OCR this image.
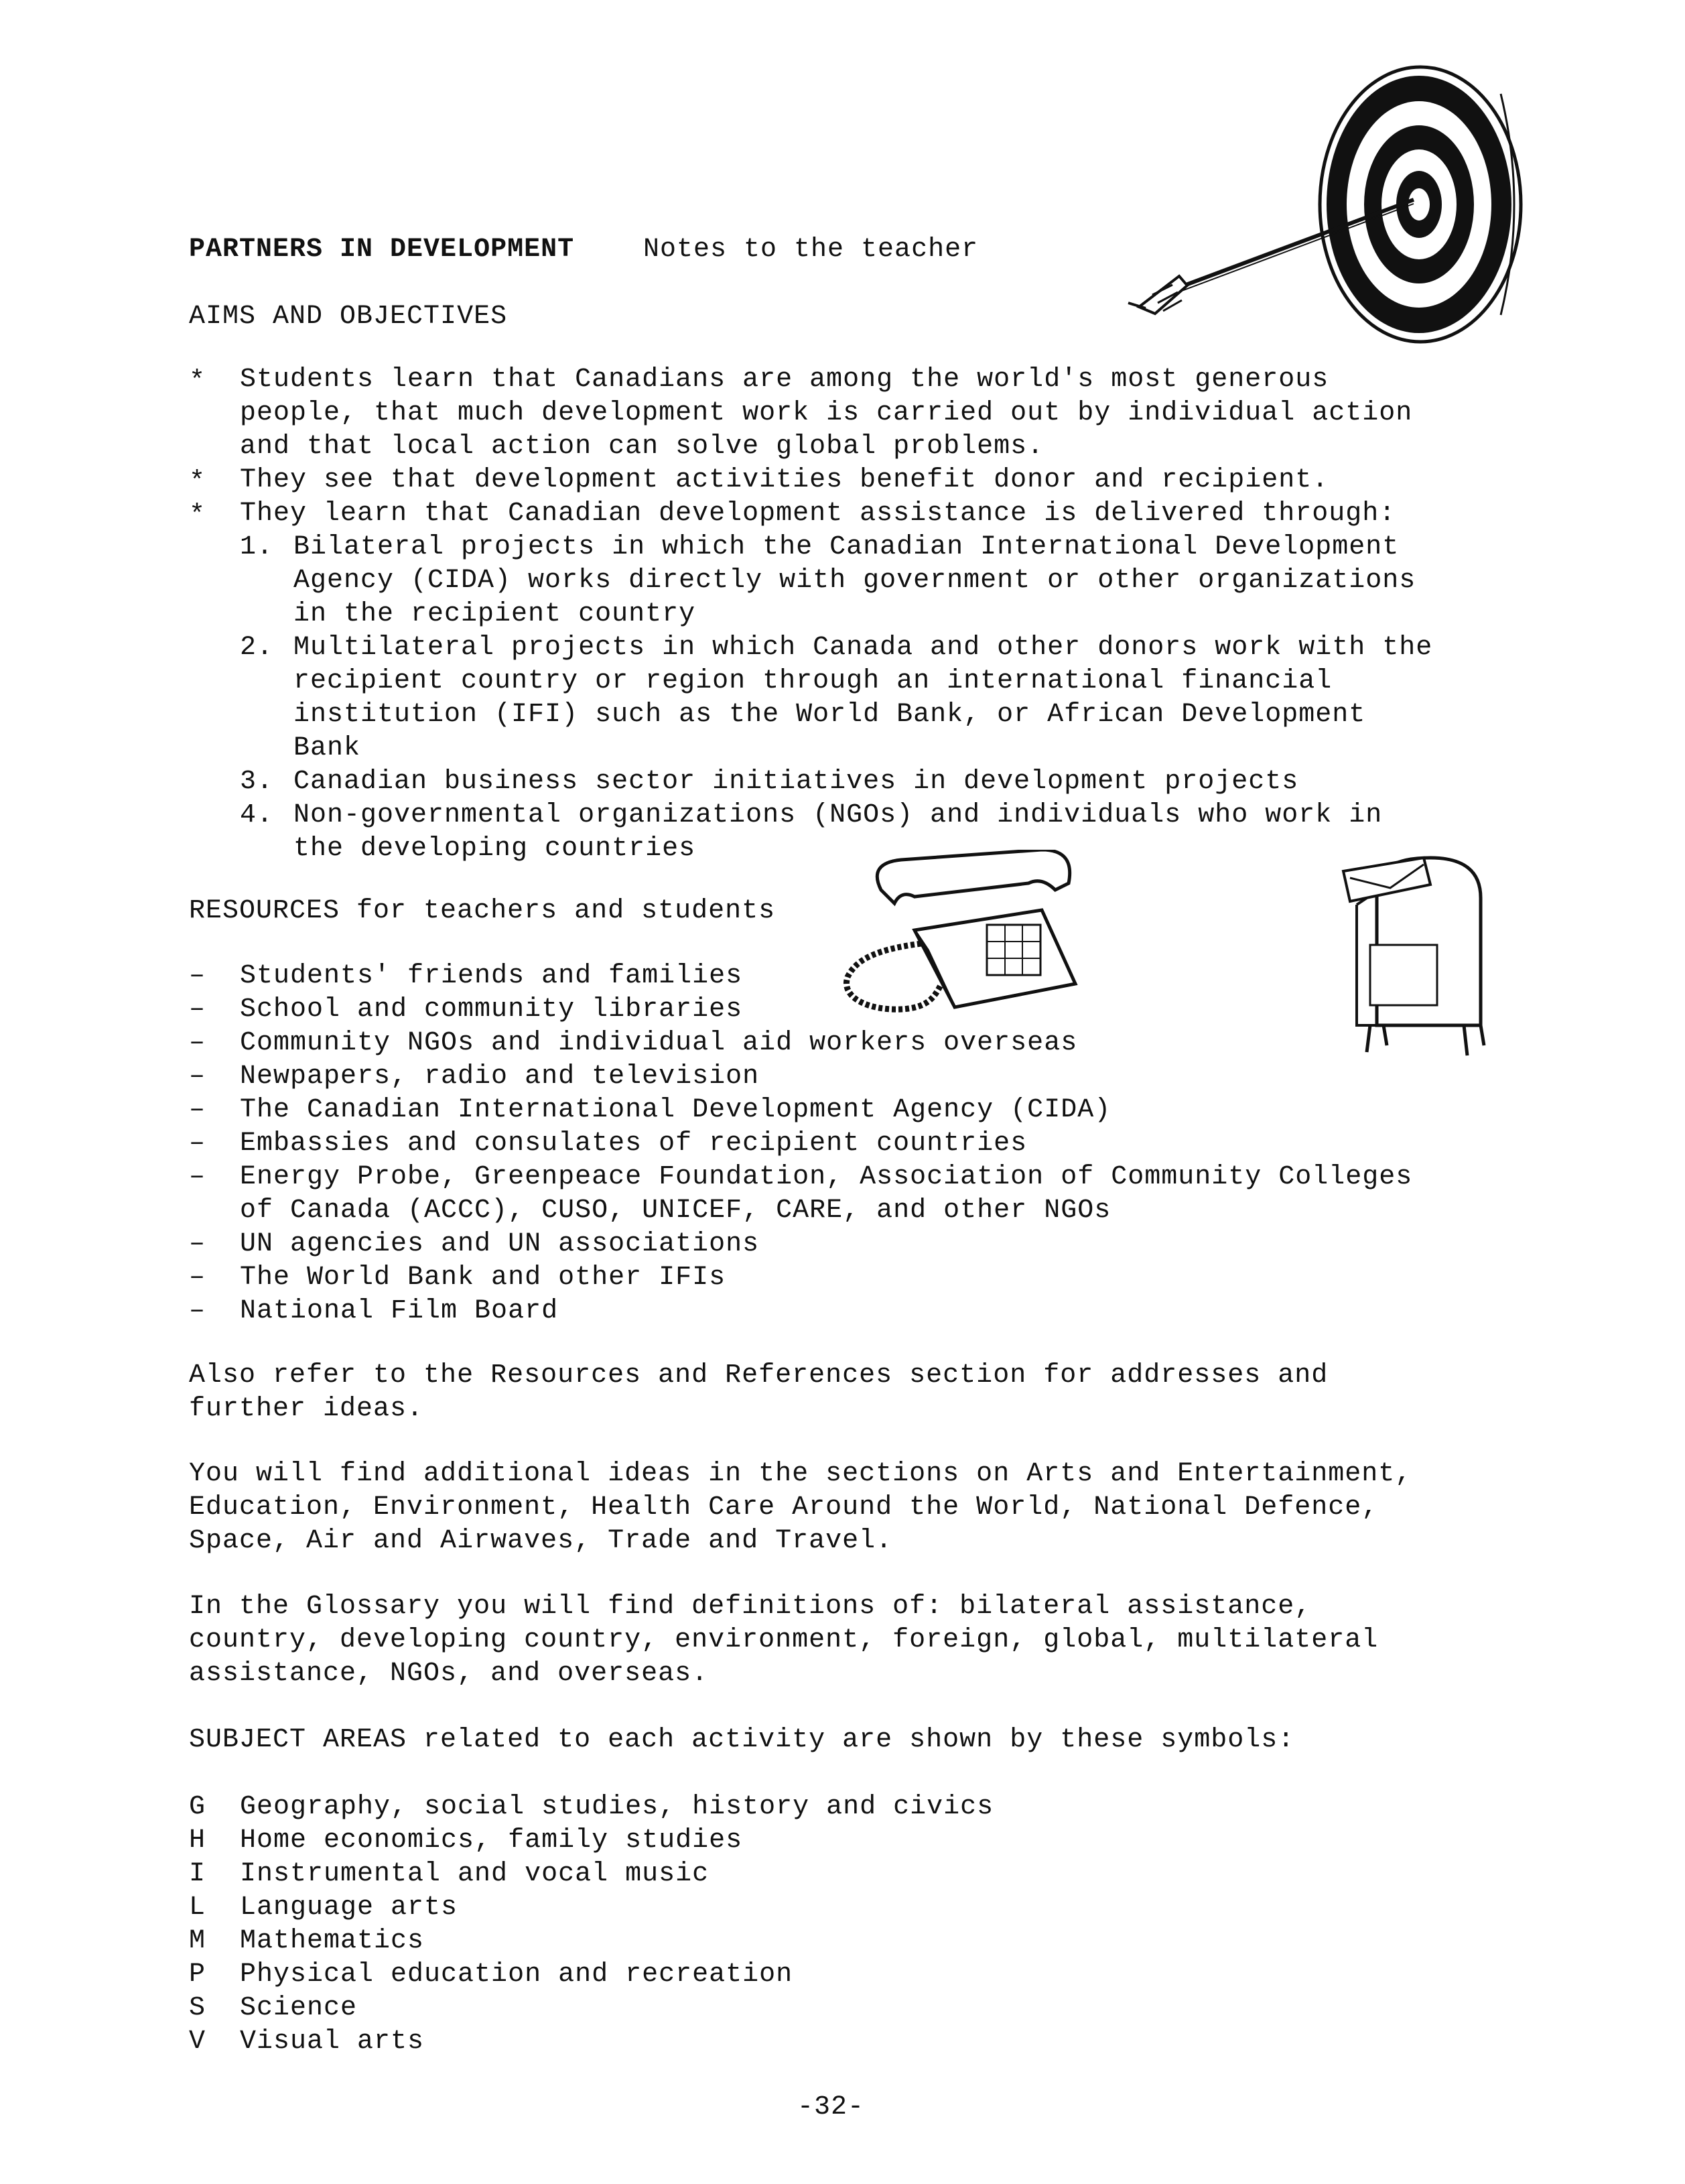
PARTNERS IN DEVELOPMENT	Notes to the teacher
AIMS AND OBJECTIVES
* Students learn that Canadians are among the world's most generous
people, that much development work is carried out by individual action
and that local action can solve global problems.
* They see that development activities benefit donor and recipient.
* They learn that Canadian development assistance is delivered through:
1. Bilateral projects in which the Canadian International Development
Agency (CIDA) works directly with government or other organizations
in the recipient country
2. Multilateral projects in which Canada and other donors work with the
recipient country or region through an international financial
institution (IFI) such as the World Bank, or African Development
Bank
3. Canadian business sector initiatives in development projects
4. Non-governmental organizations (NGOs) and individuals who work in
the developing countries
RESOURCES for teachers and students
– Students' friends and families
– School and community libraries
– Community NGOs and individual aid workers overseas
– Newpapers, radio and television
– The Canadian International Development Agency (CIDA)
– Embassies and consulates of recipient countries
– Energy Probe, Greenpeace Foundation, Association of Community Colleges
of Canada (ACCC), CUSO, UNICEF, CARE, and other NGOs
– UN agencies and UN associations
– The World Bank and other IFIs
– National Film Board
Also refer to the Resources and References section for addresses and
further ideas.
You will find additional ideas in the sections on Arts and Entertainment,
Education, Environment, Health Care Around the World, National Defence,
Space, Air and Airwaves, Trade and Travel.
In the Glossary you will find definitions of: bilateral assistance,
country, developing country, environment, foreign, global, multilateral
assistance, NGOs, and overseas.
SUBJECT AREAS related to each activity are shown by these symbols:
G Geography, social studies, history and civics
H Home economics, family studies
I Instrumental and vocal music
L Language arts
M Mathematics
P Physical education and recreation
S Science
V Visual arts
-32-
